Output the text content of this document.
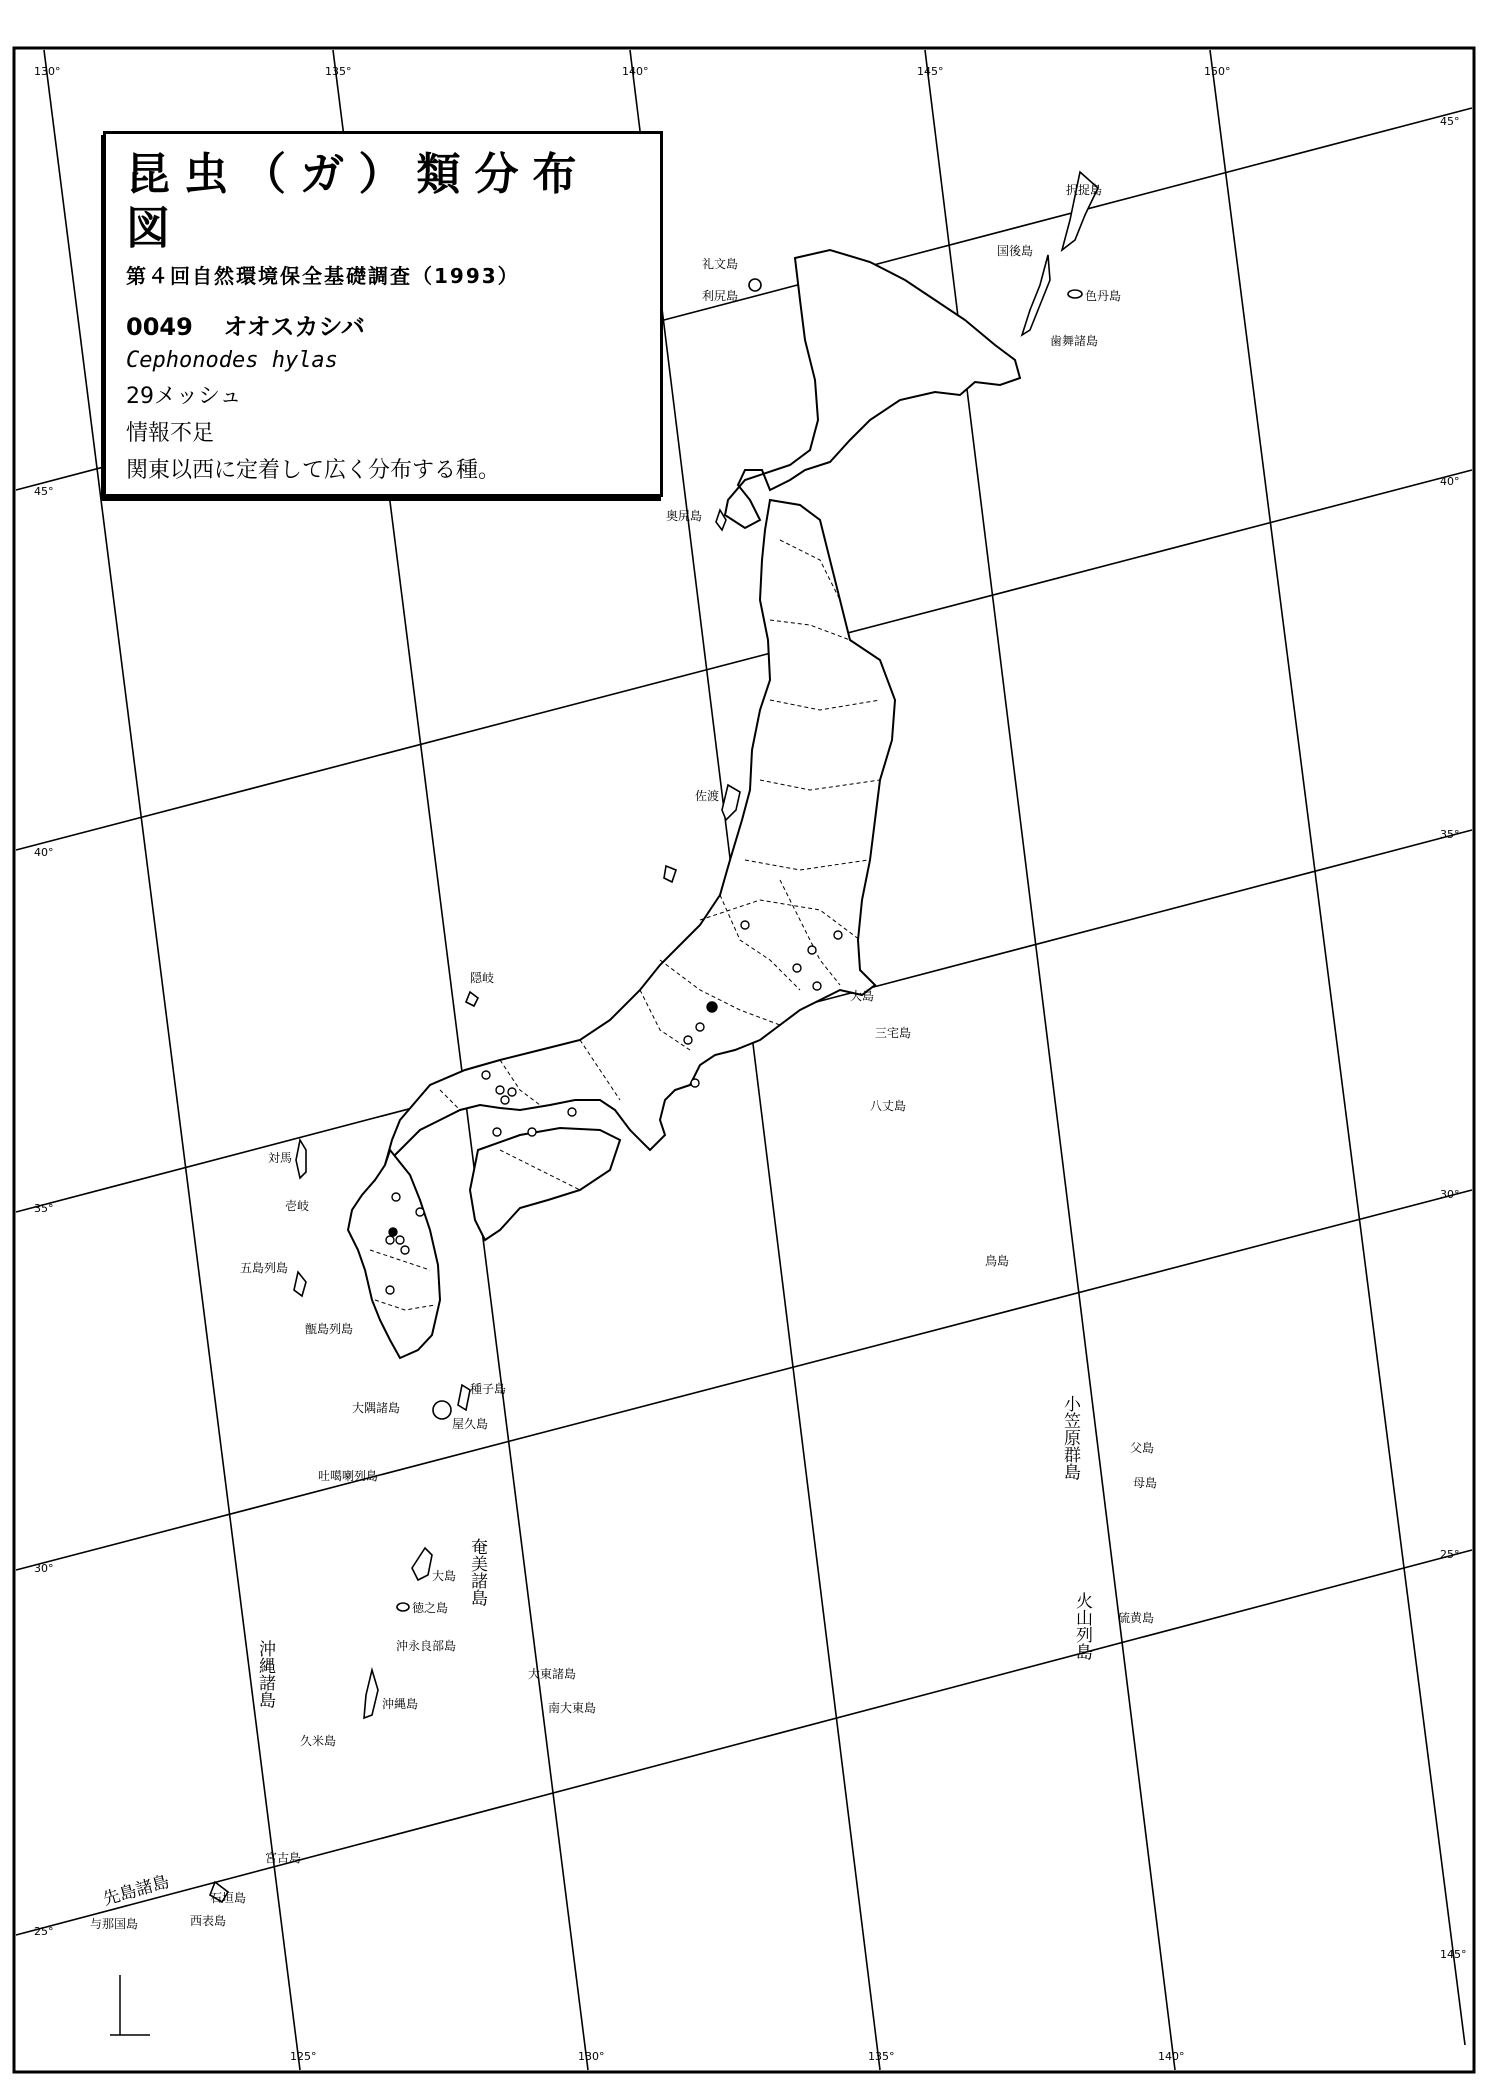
130°	135°	140°	145°	150°
125°	130°	135°	140°
145°
45°
40°
35°
30°
25°
45°
40°
35°
30°
25°
択捉島
国後島
色丹島
歯舞諸島
礼文島
利尻島
奥尻島
佐渡
隠岐
大島
三宅島
八丈島
鳥島
対馬
壱岐
五島列島
甑島列島
種子島
大隅諸島
屋久島
吐噶喇列島
大島
徳之島
沖永良部島
沖縄島
久米島
大東諸島
南大東島
宮古島
石垣島
与那国島	西表島
父島
母島
硫黄島
奄美諸島
沖縄諸島
小笠原群島
火山列島
先島諸島
昆虫（ガ）類分布図
第４回自然環境保全基礎調査（1993）
0049 オオスカシバ
Cephonodes hylas
29メッシュ
情報不足
関東以西に定着して広く分布する種。
